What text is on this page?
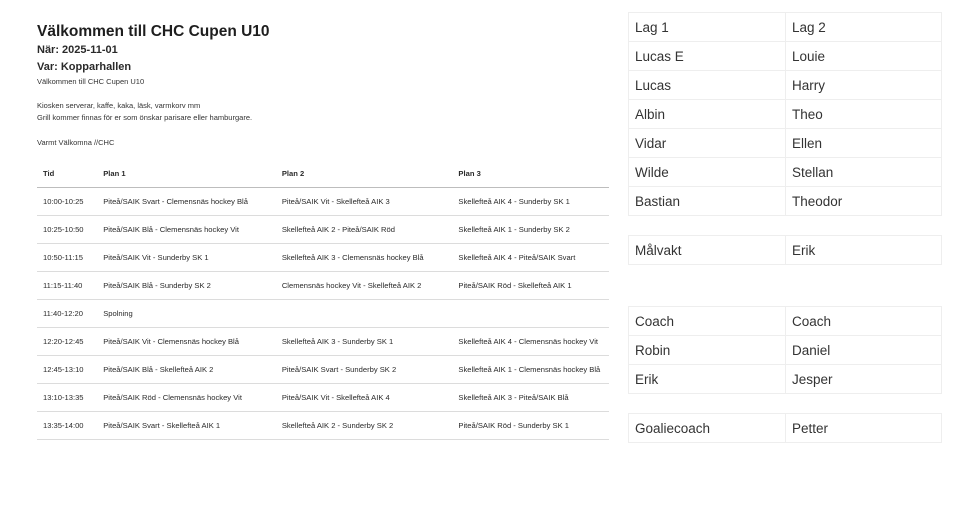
Välkommen till CHC Cupen U10

När: 2025-11-01

Var: Kopparhallen

Välkommen till CHC Cupen U10

Kiosken serverar, kaffe, kaka, läsk, varmkorv mm

Grill kommer finnas för er som önskar parisare eller hamburgare.

Varmt Välkomna //CHC

Tid	Plan 1	Plan 2	Plan 3
10:00-10:25	Piteå/SAIK Svart - Clemensnäs hockey Blå	Piteå/SAIK Vit - Skellefteå AIK 3	Skellefteå AIK 4 - Sunderby SK 1
10:25-10:50	Piteå/SAIK Blå - Clemensnäs hockey Vit	Skellefteå AIK 2 - Piteå/SAIK Röd	Skellefteå AIK 1 - Sunderby SK 2
10:50-11:15	Piteå/SAIK Vit - Sunderby SK 1	Skellefteå AIK 3 - Clemensnäs hockey Blå	Skellefteå AIK 4 - Piteå/SAIK Svart
11:15-11:40	Piteå/SAIK Blå - Sunderby SK 2	Clemensnäs hockey Vit - Skellefteå AIK 2	Piteå/SAIK Röd - Skellefteå AIK 1
11:40-12:20	Spolning		
12:20-12:45	Piteå/SAIK Vit - Clemensnäs hockey Blå	Skellefteå AIK 3 - Sunderby SK 1	Skellefteå AIK 4 - Clemensnäs hockey Vit
12:45-13:10	Piteå/SAIK Blå - Skellefteå AIK 2	Piteå/SAIK Svart - Sunderby SK 2	Skellefteå AIK 1 - Clemensnäs hockey Blå
13:10-13:35	Piteå/SAIK Röd - Clemensnäs hockey Vit	Piteå/SAIK Vit - Skellefteå AIK 4	Skellefteå AIK 3 - Piteå/SAIK Blå
13:35-14:00	Piteå/SAIK Svart - Skellefteå AIK 1	Skellefteå AIK 2 - Sunderby SK 2	Piteå/SAIK Röd - Sunderby SK 1
Lag 1	Lag 2
Lucas E	Louie
Lucas	Harry
Albin	Theo
Vidar	Ellen
Wilde	Stellan
Bastian	Theodor
Målvakt	Erik
Coach	Coach
Robin	Daniel
Erik	Jesper
Goaliecoach	Petter
